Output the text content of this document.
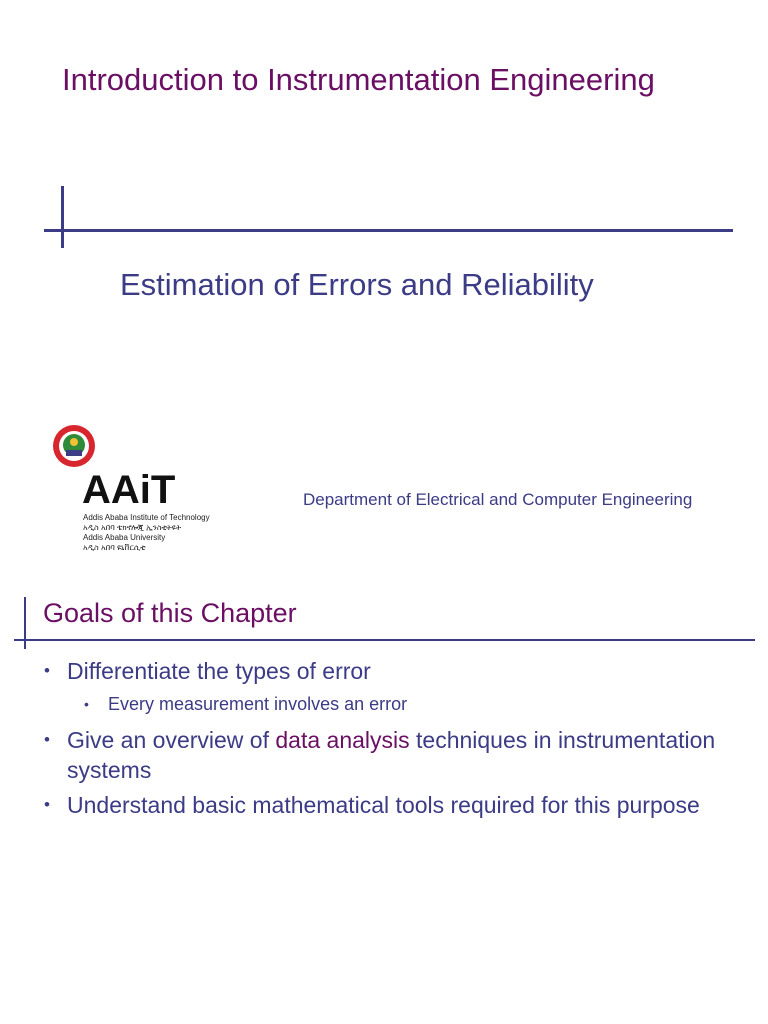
Introduction to Instrumentation Engineering
Estimation of Errors and Reliability
AAiT
Addis Ababa Institute of Technology
አዲስ አበባ ቴክኖሎጂ ኢንስቲትዩት
Addis Ababa University
አዲስ አበባ ዩኒቨርሲቲ
Department of Electrical and Computer Engineering
Goals of this Chapter
• Differentiate the types of error
• Every measurement involves an error
• Give an overview of data analysis techniques in instrumentation systems
• Understand basic mathematical tools required for this purpose
